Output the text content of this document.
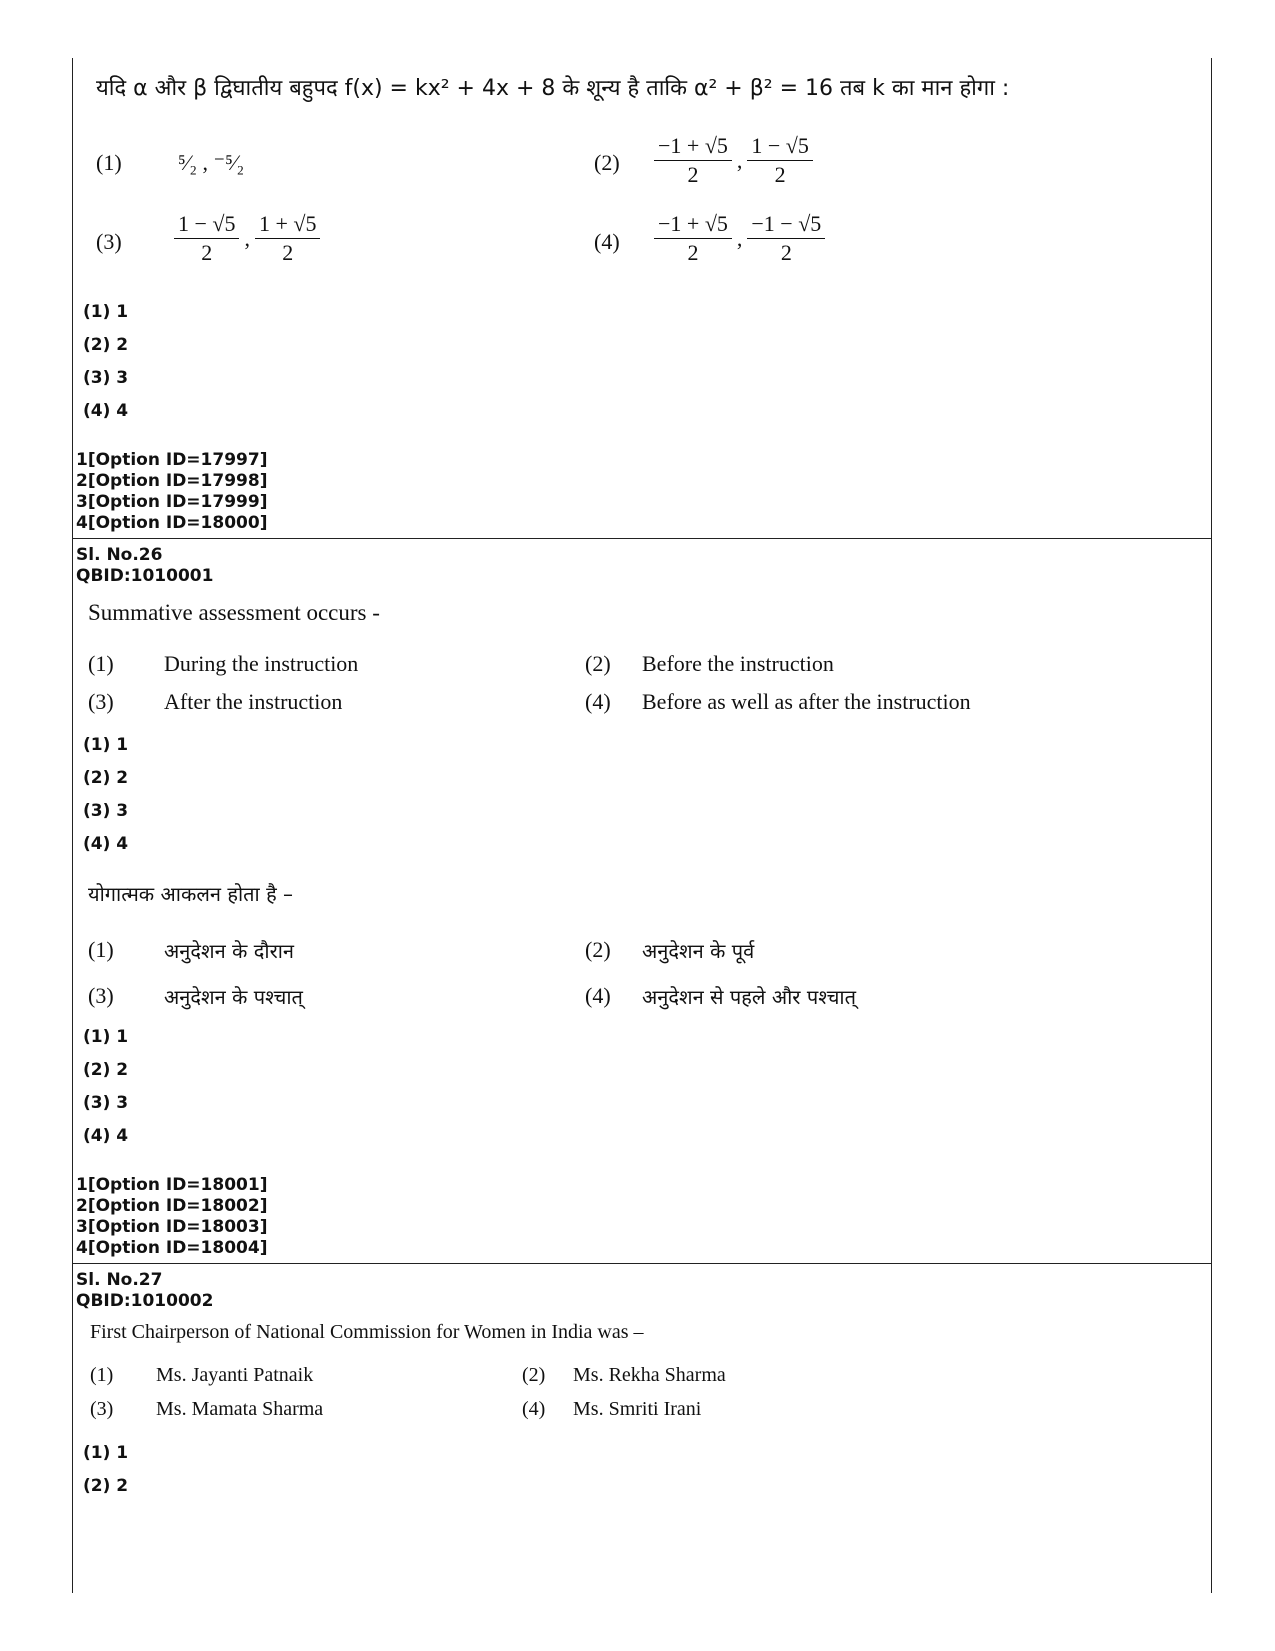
यदि α और β द्विघातीय बहुपद f(x) = kx² + 4x + 8 के शून्य है ताकि α² + β² = 16 तब k का मान होगा :
(1)	⁵⁄₂ , ⁻⁵⁄₂	$(2) \frac{-1 + √5}{2}$ , $\frac{1 - √5}{2}$
$(3) \frac{1 - √5}{2}$ , $\frac{1 + √5}{2}$	$(4) \frac{-1 + √5}{2}$ , $\frac{-1 - √5}{2}$
(1) 1
(2) 2
(3) 3
(4) 4
1[Option ID=17997]
2[Option ID=17998]
3[Option ID=17999]
4[Option ID=18000]
Sl. No.26
QBID:1010001
Summative assessment occurs -
(1) During the instruction	(2) Before the instruction
(3) After the instruction	(4) Before as well as after the instruction
(1) 1
(2) 2
(3) 3
(4) 4
योगात्मक आकलन होता है –
(1)	अनुदेशन के दौरान	(2) अनुदेशन के पूर्व
(3)	अनुदेशन के पश्चात्	(4) अनुदेशन से पहले और पश्चात्
(1) 1
(2) 2
(3) 3
(4) 4
1[Option ID=18001]
2[Option ID=18002]
3[Option ID=18003]
4[Option ID=18004]
Sl. No.27
QBID:1010002
First Chairperson of National Commission for Women in India was –
(1) Ms. Jayanti Patnaik	(2) Ms. Rekha Sharma
(3) Ms. Mamata Sharma	(4) Ms. Smriti Irani
(1) 1
(2) 2
